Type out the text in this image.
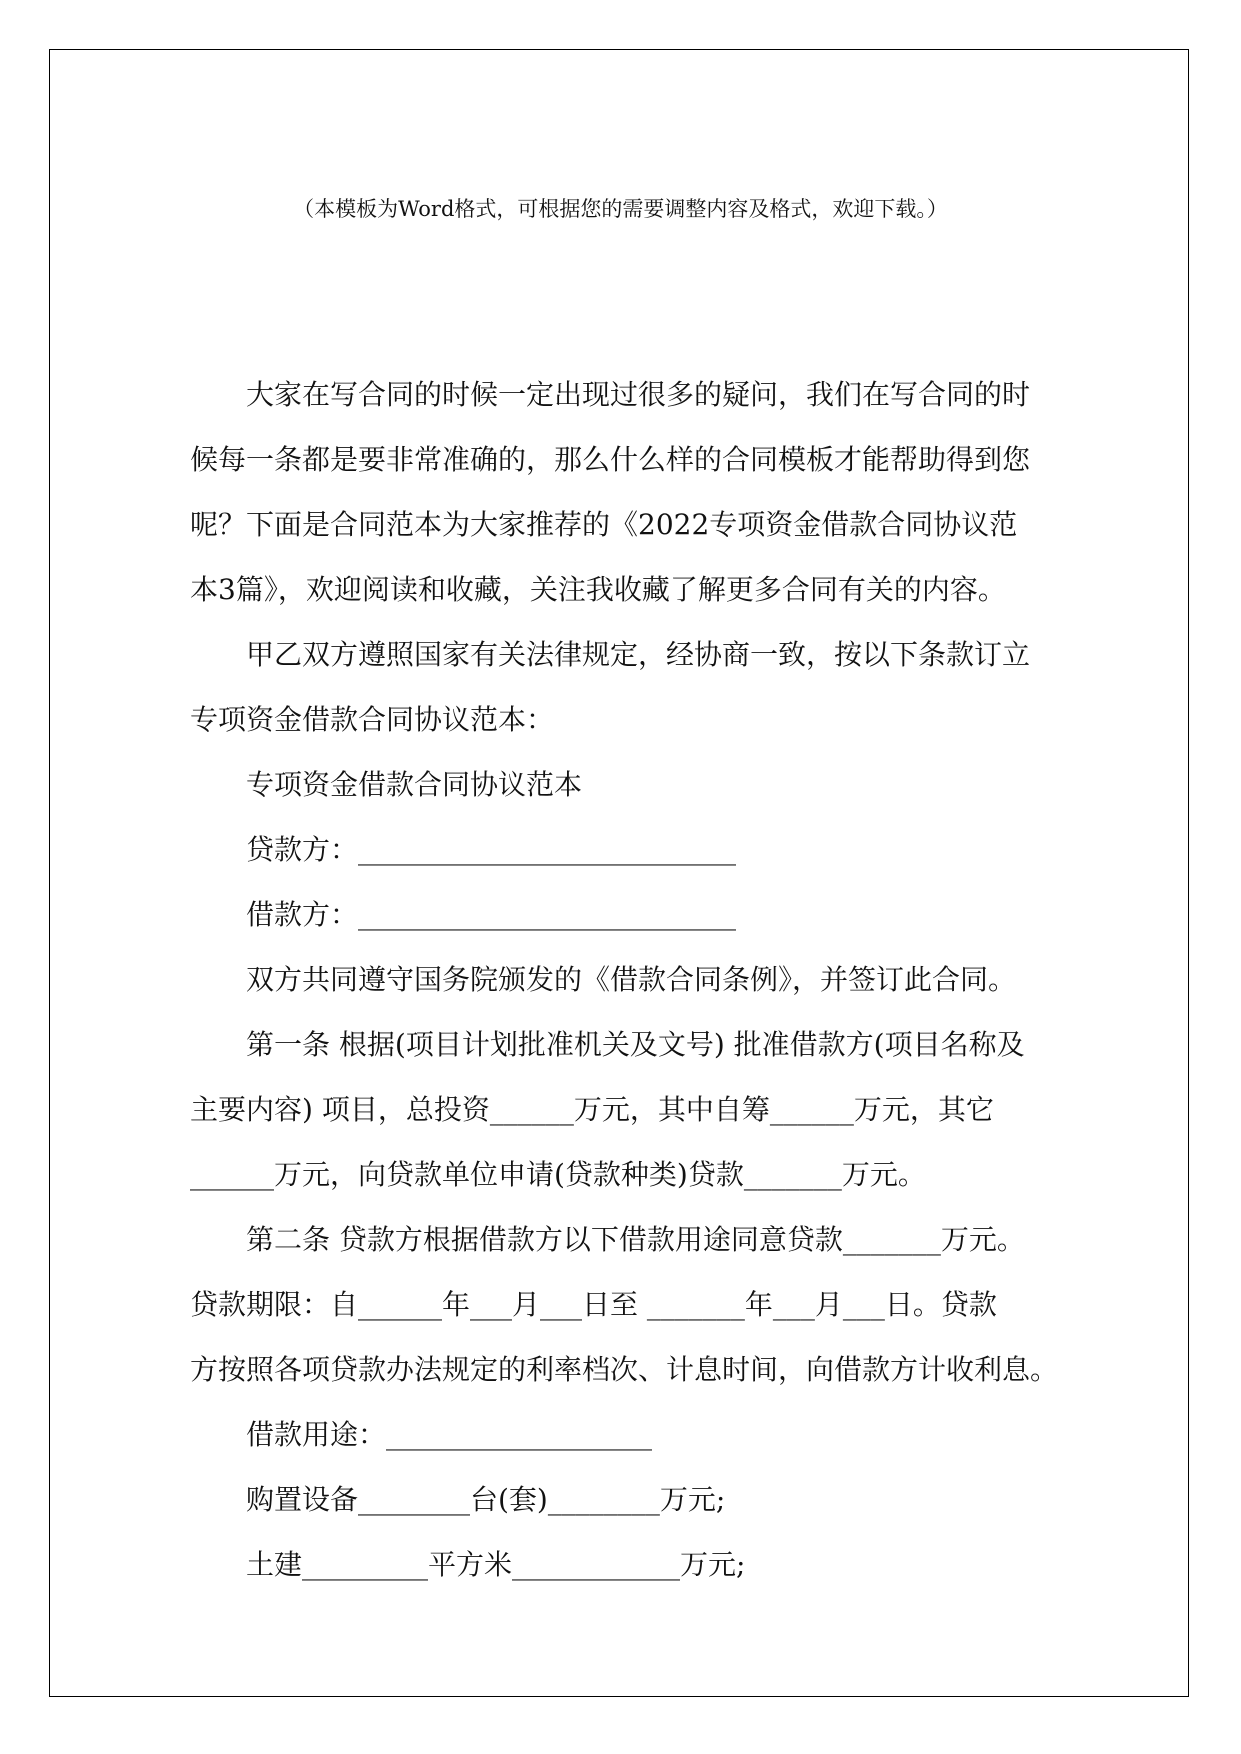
（本模板为Word格式，可根据您的需要调整内容及格式，欢迎下载。）
大家在写合同的时候一定出现过很多的疑问，我们在写合同的时
候每一条都是要非常准确的，那么什么样的合同模板才能帮助得到您
呢？下面是合同范本为大家推荐的《2022专项资金借款合同协议范
本3篇》，欢迎阅读和收藏，关注我收藏了解更多合同有关的内容。
甲乙双方遵照国家有关法律规定，经协商一致，按以下条款订立
专项资金借款合同协议范本：
专项资金借款合同协议范本
贷款方：___________________________
借款方：___________________________
双方共同遵守国务院颁发的《借款合同条例》，并签订此合同。
第一条 根据(项目计划批准机关及文号) 批准借款方(项目名称及
主要内容) 项目，总投资______万元，其中自筹______万元，其它
______万元，向贷款单位申请(贷款种类)贷款_______万元。
第二条 贷款方根据借款方以下借款用途同意贷款_______万元。
贷款期限：自______年___月___日至 _______年___月___日。贷款
方按照各项贷款办法规定的利率档次、计息时间，向借款方计收利息。
借款用途：___________________
购置设备________台(套)________万元;
土建_________平方米____________万元;
